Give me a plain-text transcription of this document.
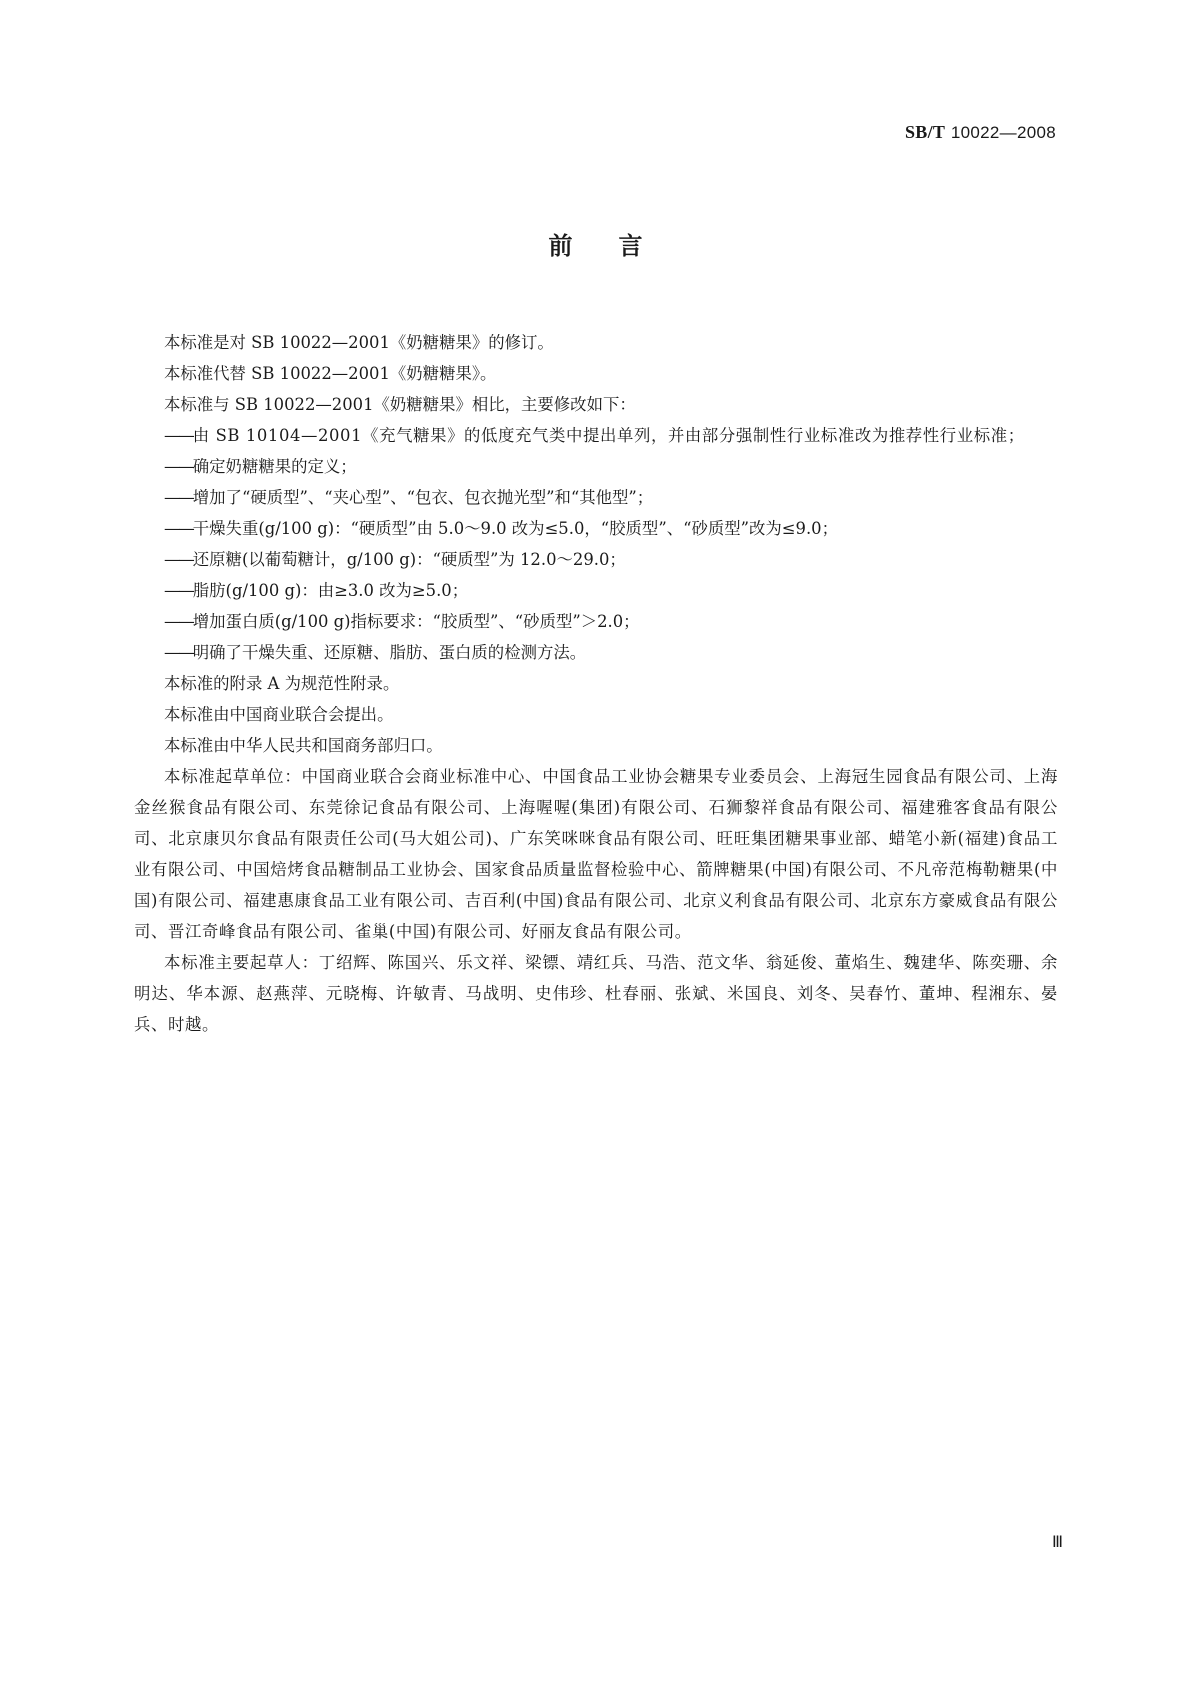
SB/T 10022—2008
前言

本标准是对 SB 10022—2001《奶糖糖果》的修订。

本标准代替 SB 10022—2001《奶糖糖果》。

本标准与 SB 10022—2001《奶糖糖果》相比，主要修改如下：

——由 SB 10104—2001《充气糖果》的低度充气类中提出单列，并由部分强制性行业标准改为推荐性行业标准；

——确定奶糖糖果的定义；

——增加了“硬质型”、“夹心型”、“包衣、包衣抛光型”和“其他型”；

——干燥失重(g/100 g)：“硬质型”由 5.0～9.0 改为≤5.0，“胶质型”、“砂质型”改为≤9.0；

——还原糖(以葡萄糖计，g/100 g)：“硬质型”为 12.0～29.0；

——脂肪(g/100 g)：由≥3.0 改为≥5.0；

——增加蛋白质(g/100 g)指标要求：“胶质型”、“砂质型”＞2.0；

——明确了干燥失重、还原糖、脂肪、蛋白质的检测方法。

本标准的附录 A 为规范性附录。

本标准由中国商业联合会提出。

本标准由中华人民共和国商务部归口。

本标准起草单位：中国商业联合会商业标准中心、中国食品工业协会糖果专业委员会、上海冠生园食品有限公司、上海金丝猴食品有限公司、东莞徐记食品有限公司、上海喔喔(集团)有限公司、石狮黎祥食品有限公司、福建雅客食品有限公司、北京康贝尔食品有限责任公司(马大姐公司)、广东笑咪咪食品有限公司、旺旺集团糖果事业部、蜡笔小新(福建)食品工业有限公司、中国焙烤食品糖制品工业协会、国家食品质量监督检验中心、箭牌糖果(中国)有限公司、不凡帝范梅勒糖果(中国)有限公司、福建惠康食品工业有限公司、吉百利(中国)食品有限公司、北京义利食品有限公司、北京东方豪威食品有限公司、晋江奇峰食品有限公司、雀巢(中国)有限公司、好丽友食品有限公司。

本标准主要起草人：丁绍辉、陈国兴、乐文祥、梁镖、靖红兵、马浩、范文华、翁延俊、董焰生、魏建华、陈奕珊、余明达、华本源、赵燕萍、元晓梅、许敏青、马战明、史伟珍、杜春丽、张斌、米国良、刘冬、吴春竹、董坤、程湘东、晏兵、时越。

Ⅲ
